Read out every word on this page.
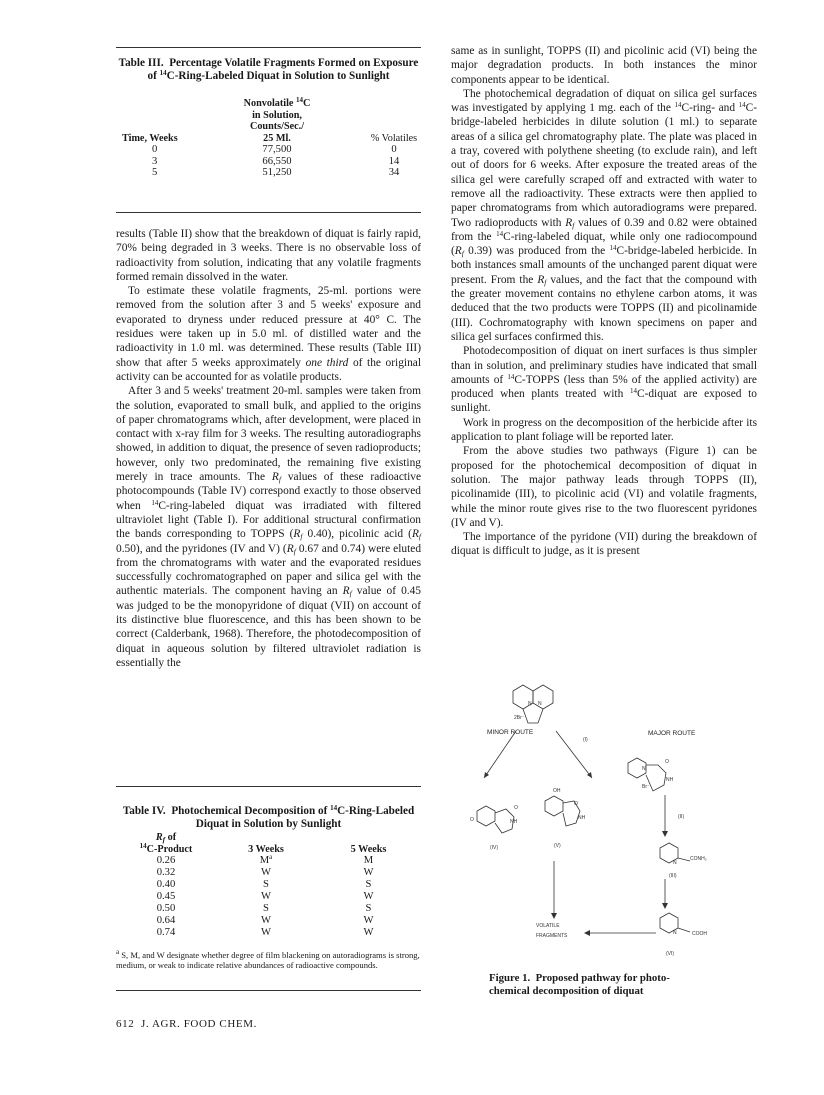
Table III.  Percentage Volatile Fragments Formed on Exposure of $^{14}$C-Ring-Labeled Diquat in Solution to Sunlight
Time, Weeks	Nonvolatile $^{14}$C
in Solution,
Counts/Sec./
25 Ml.	% Volatiles
0	77,500	0
3	66,550	14
5	51,250	34

results (Table II) show that the breakdown of diquat is fairly rapid, 70% being degraded in 3 weeks. There is no observable loss of radioactivity from solution, indicating that any volatile fragments formed remain dissolved in the water.

To estimate these volatile fragments, 25-ml. portions were removed from the solution after 3 and 5 weeks' exposure and evaporated to dryness under reduced pressure at 40° C. The residues were taken up in 5.0 ml. of distilled water and the radioactivity in 1.0 ml. was determined. These results (Table III) show that after 5 weeks approximately one third of the original activity can be accounted for as volatile products.

After 3 and 5 weeks' treatment 20-ml. samples were taken from the solution, evaporated to small bulk, and applied to the origins of paper chromatograms which, after development, were placed in contact with x-ray film for 3 weeks. The resulting autoradiographs showed, in addition to diquat, the presence of seven radioproducts; however, only two predominated, the remaining five existing merely in trace amounts. The $R_f$ values of these radioactive photocompounds (Table IV) correspond exactly to those observed when $^{14}$C-ring-labeled diquat was irradiated with filtered ultraviolet light (Table I). For additional structural confirmation the bands corresponding to TOPPS ($R_f$ 0.40), picolinic acid ($R_f$ 0.50), and the pyridones (IV and V) ($R_f$ 0.67 and 0.74) were eluted from the chromatograms with water and the evaporated residues successfully cochromatographed on paper and silica gel with the authentic materials. The component having an $R_f$ value of 0.45 was judged to be the monopyridone of diquat (VII) on account of its distinctive blue fluorescence, and this has been shown to be correct (Calderbank, 1968). Therefore, the photodecomposition of diquat in aqueous solution by filtered ultraviolet radiation is essentially the

Table IV.  Photochemical Decomposition of $^{14}$C-Ring-Labeled Diquat in Solution by Sunlight
$R_f$ of
$^{14}$C-Product	3 Weeks	5 Weeks
0.26	$M^a$	M
0.32	W	W
0.40	S	S
0.45	W	W
0.50	S	S
0.64	W	W
0.74	W	W
$^a$ S, M, and W designate whether degree of film blackening on autoradiograms is strong, medium, or weak to indicate relative abundances of radioactive compounds.

same as in sunlight, TOPPS (II) and picolinic acid (VI) being the major degradation products. In both instances the minor components appear to be identical.

The photochemical degradation of diquat on silica gel surfaces was investigated by applying 1 mg. each of the $^{14}$C-ring- and $^{14}$C-bridge-labeled herbicides in dilute solution (1 ml.) to separate areas of a silica gel chromatography plate. The plate was placed in a tray, covered with polythene sheeting (to exclude rain), and left out of doors for 6 weeks. After exposure the treated areas of the silica gel were carefully scraped off and extracted with water to remove all the radioactivity. These extracts were then applied to paper chromatograms from which autoradiograms were prepared. Two radioproducts with $R_f$ values of 0.39 and 0.82 were obtained from the $^{14}$C-ring-labeled diquat, while only one radiocompound ($R_f$ 0.39) was produced from the $^{14}$C-bridge-labeled herbicide. In both instances small amounts of the unchanged parent diquat were present. From the $R_f$ values, and the fact that the compound with the greater movement contains no ethylene carbon atoms, it was deduced that the two products were TOPPS (II) and picolinamide (III). Cochromatography with known specimens on paper and silica gel surfaces confirmed this.

Photodecomposition of diquat on inert surfaces is thus simpler than in solution, and preliminary studies have indicated that small amounts of $^{14}$C-TOPPS (less than 5% of the applied activity) are produced when plants treated with $^{14}$C-diquat are exposed to sunlight.

Work in progress on the decomposition of the herbicide after its application to plant foliage will be reported later.

From the above studies two pathways (Figure 1) can be proposed for the photochemical decomposition of diquat in solution. The major pathway leads through TOPPS (II), picolinamide (III), to picolinic acid (VI) and volatile fragments, while the minor route gives rise to the two fluorescent pyridones (IV and V).

The importance of the pyridone (VII) during the breakdown of diquat is difficult to judge, as it is present

N N
2Br⁻
MINOR ROUTE
(I)
MAJOR ROUTE
N
O
NH
Br⁻
(II)
O
O
NH
(IV)
OH
O
NH
(V)
N
CONH₂
(III)
N	COOH
(VI)
VOLATILE
FRAGMENTS
Figure 1.  Proposed pathway for photo-
chemical decomposition of diquat
612 J. AGR. FOOD CHEM.
